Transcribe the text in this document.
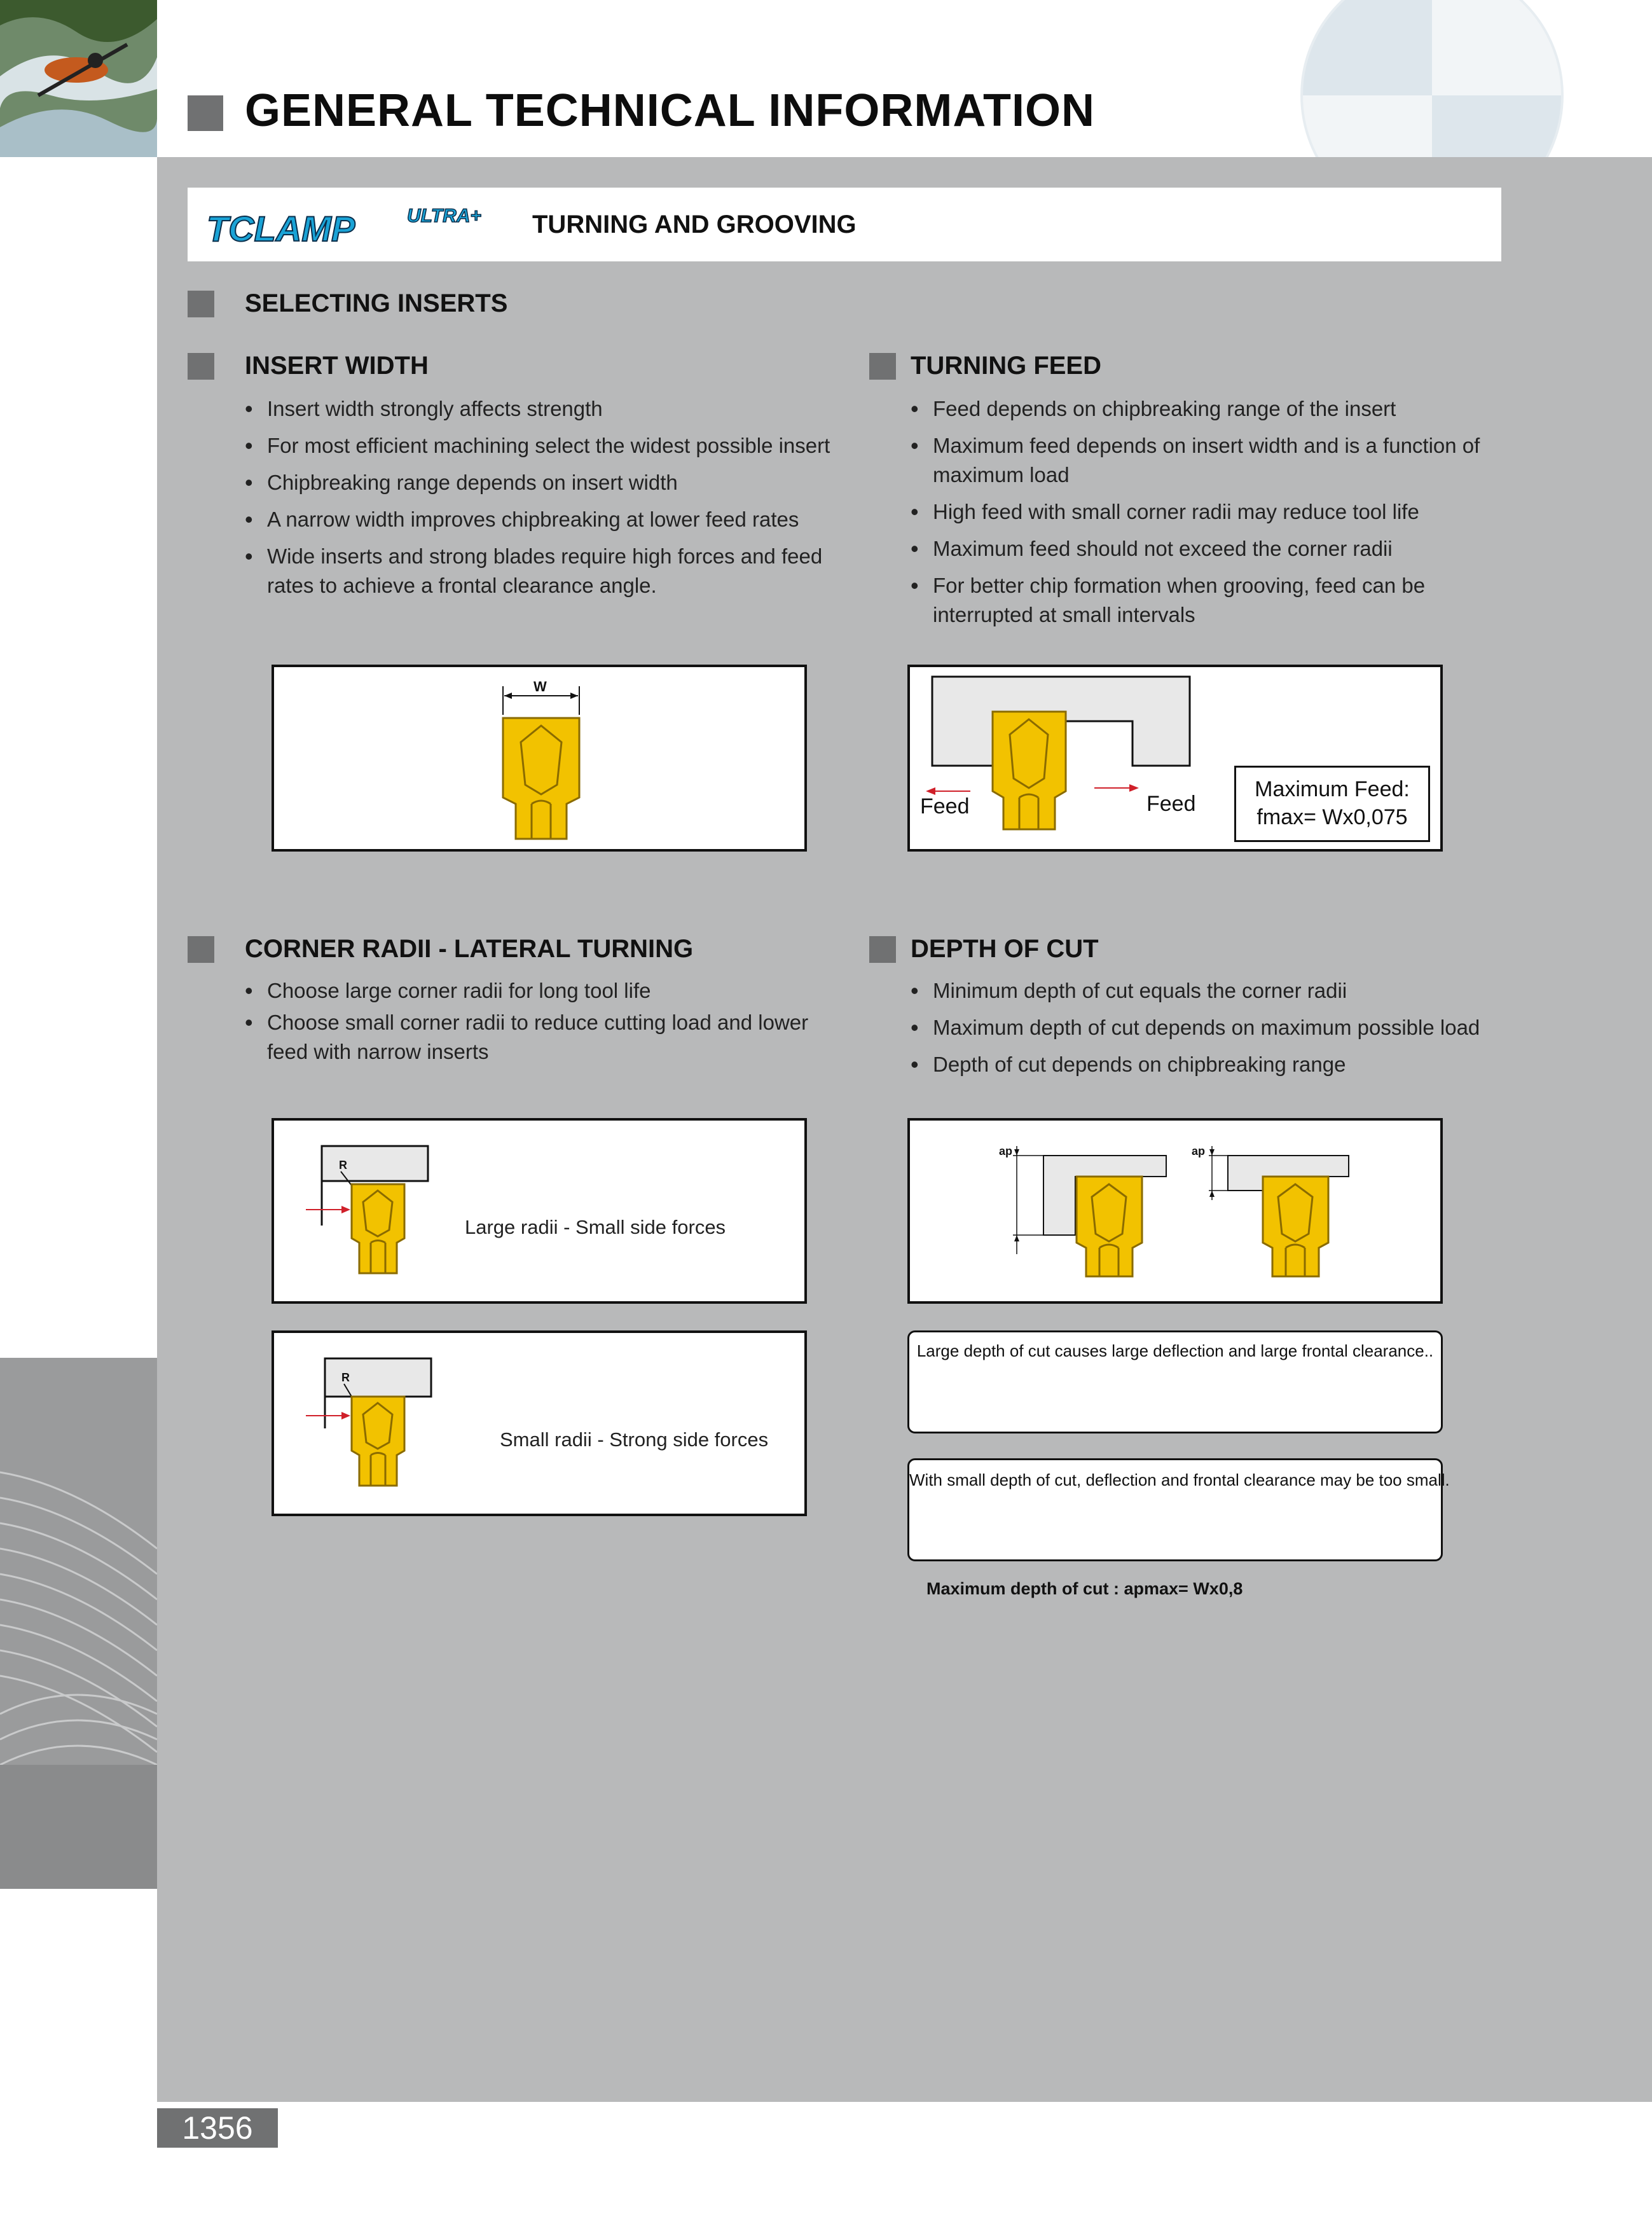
GENERAL TECHNICAL INFORMATION
TCLAMP	ULTRA+ TURNING AND GROOVING
SELECTING INSERTS
INSERT WIDTH
• Insert width strongly affects strength
• For most efficient machining select the widest possible insert
• Chipbreaking range depends on insert width
• A narrow width improves chipbreaking at lower feed rates
• Wide inserts and strong blades require high forces and feed rates to achieve a frontal clearance angle.
W
TURNING FEED
• Feed depends on chipbreaking range of the insert
• Maximum feed depends on insert width and is a function of maximum load
• High feed with small corner radii may reduce tool life
• Maximum feed should not exceed the corner radii
• For better chip formation when grooving, feed can be interrupted at small intervals
Feed	Feed
Maximum Feed:
fmax= Wx0,075
CORNER RADII - LATERAL TURNING
• Choose large corner radii for long tool life
• Choose small corner radii to reduce cutting load and lower feed with narrow inserts
R
Large radii - Small side forces
R
Small radii - Strong side forces
DEPTH OF CUT
• Minimum depth of cut equals the corner radii
• Maximum depth of cut depends on maximum possible load
• Depth of cut depends on chipbreaking range
ap	ap
Large depth of cut causes large deflection and large frontal clearance..
With small depth of cut, deflection and frontal clearance may be too small.
Maximum depth of cut : apmax= Wx0,8
1356
